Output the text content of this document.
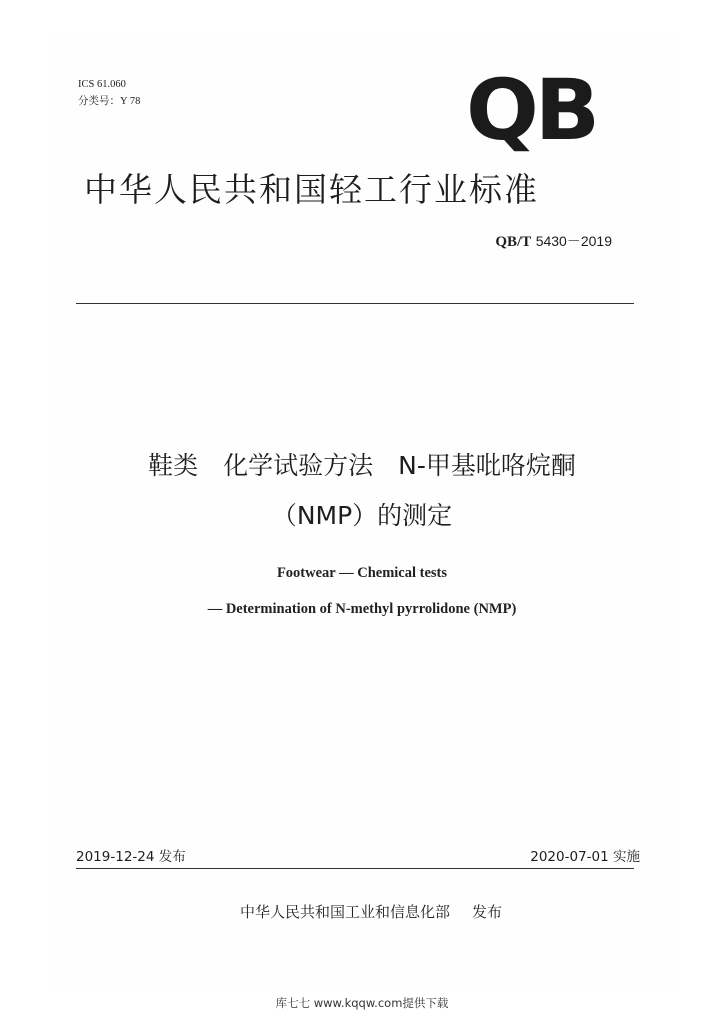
ICS 61.060
分类号：Y 78	QB
中华人民共和国轻工行业标准
QB/T 5430－2019
鞋类　化学试验方法　N-甲基吡咯烷酮
（NMP）的测定
Footwear — Chemical tests
— Determination of N-methyl pyrrolidone (NMP)
2019-12-24 发布	2020-07-01 实施
中华人民共和国工业和信息化部 发布
库七七 www.kqqw.com提供下载
